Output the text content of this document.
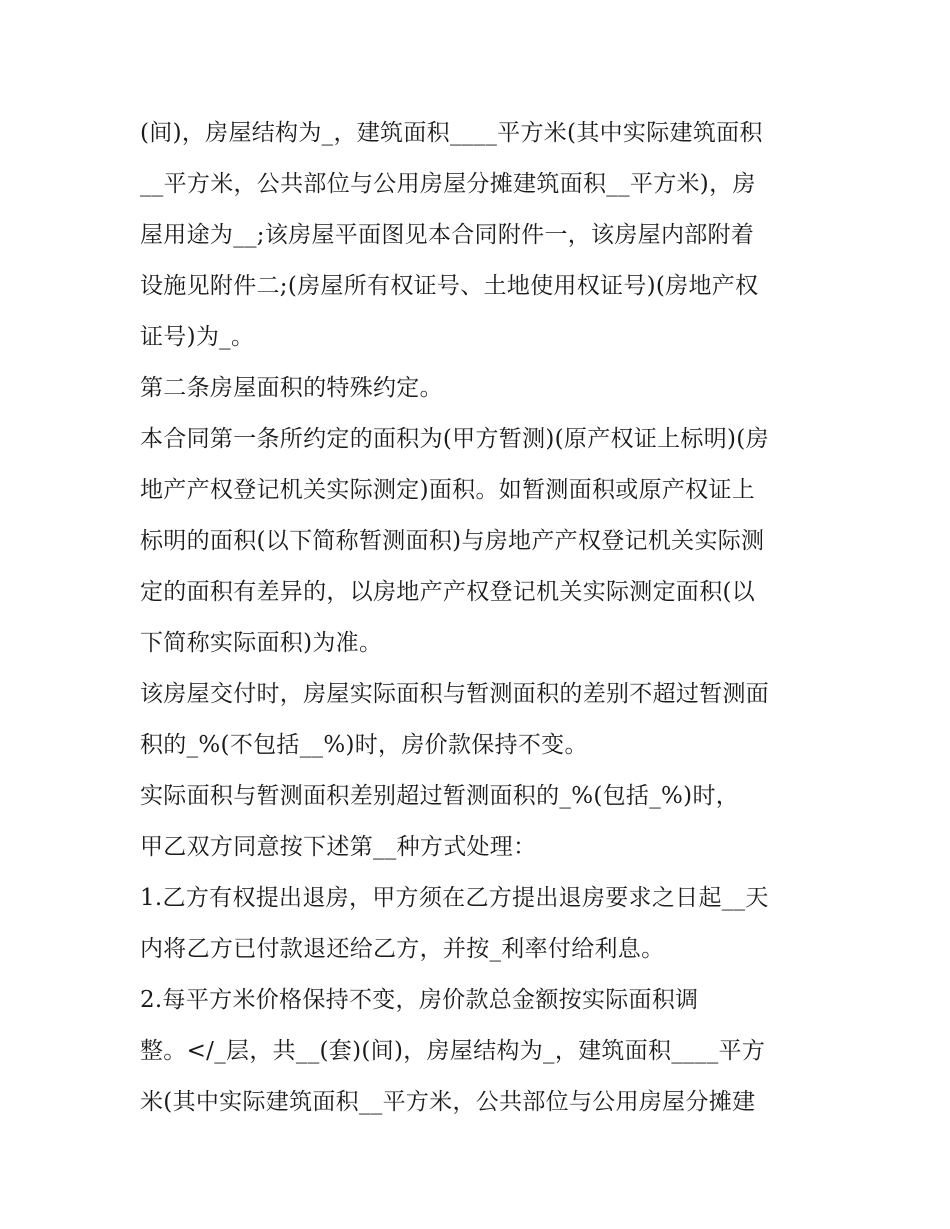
(间)，房屋结构为_，建筑面积____平方米(其中实际建筑面积
__平方米，公共部位与公用房屋分摊建筑面积__平方米)，房
屋用途为__;该房屋平面图见本合同附件一，该房屋内部附着
设施见附件二;(房屋所有权证号、土地使用权证号)(房地产权
证号)为_。
第二条房屋面积的特殊约定。
本合同第一条所约定的面积为(甲方暂测)(原产权证上标明)(房
地产产权登记机关实际测定)面积。如暂测面积或原产权证上
标明的面积(以下简称暂测面积)与房地产产权登记机关实际测
定的面积有差异的，以房地产产权登记机关实际测定面积(以
下简称实际面积)为准。
该房屋交付时，房屋实际面积与暂测面积的差别不超过暂测面
积的_%(不包括__%)时，房价款保持不变。
实际面积与暂测面积差别超过暂测面积的_%(包括_%)时，
甲乙双方同意按下述第__种方式处理：
1.乙方有权提出退房，甲方须在乙方提出退房要求之日起__天
内将乙方已付款退还给乙方，并按_利率付给利息。
2.每平方米价格保持不变，房价款总金额按实际面积调
整。</_层，共__(套)(间)，房屋结构为_，建筑面积____平方
米(其中实际建筑面积__平方米，公共部位与公用房屋分摊建
